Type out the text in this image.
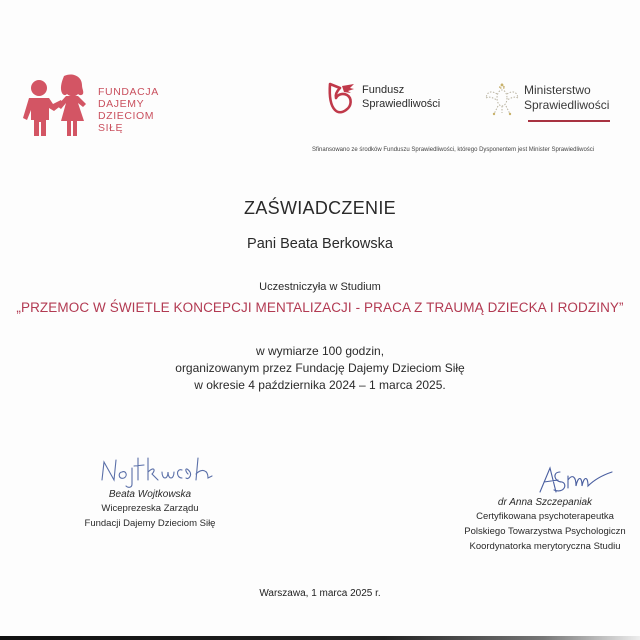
FUNDACJA
DAJEMY
DZIECIOM
SIŁĘ
Fundusz
Sprawiedliwości
Ministerstwo
Sprawiedliwości
Sfinansowano ze środków Funduszu Sprawiedliwości, którego Dysponentem jest Minister Sprawiedliwości
ZAŚWIADCZENIE
Pani Beata Berkowska
Uczestniczyła w Studium
„PRZEMOC W ŚWIETLE KONCEPCJI MENTALIZACJI - PRACA Z TRAUMĄ DZIECKA I RODZINY”
w wymiarze 100 godzin,
organizowanym przez Fundację Dajemy Dzieciom Siłę
w okresie 4 października 2024 – 1 marca 2025.
Beata Wojtkowska
Wiceprezeska Zarządu
Fundacji Dajemy Dzieciom Siłę
dr Anna Szczepaniak
Certyfikowana psychoterapeutka
Polskiego Towarzystwa Psychologiczn
Koordynatorka merytoryczna Studiu
Warszawa, 1 marca 2025 r.
